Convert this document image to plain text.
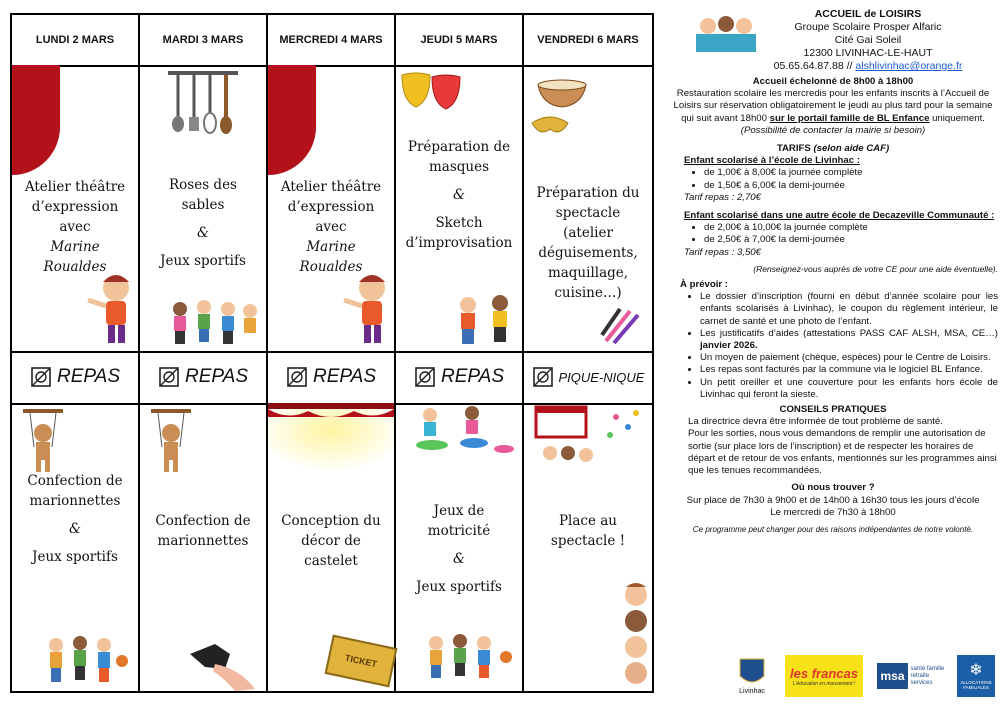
LUNDI 2 MARS
Atelier théâtre d’expression avec
Marine Roualdes
REPAS
Confection de marionnettes
&
Jeux sportifs
MARDI 3 MARS
Roses des sables
&
Jeux sportifs
REPAS
Confection de marionnettes
MERCREDI 4 MARS
Atelier théâtre d’expression avec
Marine Roualdes
REPAS
Conception du décor de castelet
TICKET
JEUDI 5 MARS
Préparation de masques
&
Sketch d’improvisation
REPAS
Jeux de motricité
&
Jeux sportifs
VENDREDI 6 MARS
Préparation du spectacle (atelier déguisements, maquillage, cuisine…)
PIQUE-NIQUE
Place au spectacle !
ACCUEIL de LOISIRS
Groupe Scolaire Prosper Alfaric
Cité Gai Soleil
12300 LIVINHAC-LE-HAUT
05.65.64.87.88 // alshlivinhac@orange.fr

Accueil échelonné de 8h00 à 18h00

Restauration scolaire les mercredis pour les enfants inscrits à l’Accueil de Loisirs sur réservation obligatoirement le jeudi au plus tard pour la semaine qui suit avant 18h00 sur le portail famille de BL Enfance uniquement.

(Possibilité de contacter la mairie si besoin)

TARIFS (selon aide CAF)

Enfant scolarisé à l’école de Livinhac :

• de 1,00€ à 8,00€ la journée complète
• de 1,50€ à 6,00€ la demi-journée

Tarif repas : 2,70€

Enfant scolarisé dans une autre école de Decazeville Communauté :

• de 2,00€ à 10,00€ la journée complète
• de 2,50€ à 7,00€ la demi-journée

Tarif repas : 3,50€

(Renseignez-vous auprès de votre CE pour une aide éventuelle).

À prévoir :

• Le dossier d’inscription (fourni en début d’année scolaire pour les enfants scolarisés à Livinhac), le coupon du règlement intérieur, le carnet de santé et une photo de l’enfant.
• Les justificatifs d’aides (attestations PASS CAF ALSH, MSA, CE…) janvier 2026.
• Un moyen de paiement (chèque, espèces) pour le Centre de Loisirs.
• Les repas sont facturés par la commune via le logiciel BL Enfance.
• Un petit oreiller et une couverture pour les enfants hors école de Livinhac qui feront la sieste.

CONSEILS PRATIQUES

La directrice devra être informée de tout problème de santé.

Pour les sorties, nous vous demandons de remplir une autorisation de sortie (sur place lors de l’inscription) et de respecter les horaires de départ et de retour de vos enfants, mentionnés sur les programmes ainsi que les tenues recommandées.

Où nous trouver ?

Sur place de 7h30 à 9h00 et de 14h00 à 16h30 tous les jours d’école

Le mercredi de 7h30 à 18h00

Ce programme peut changer pour des raisons indépendantes de notre volonté.

Livinhac
les francas
L’éducation en mouvement !
msa
santé famille retraite services
❄
ALLOCATIONS FAMILIALES
